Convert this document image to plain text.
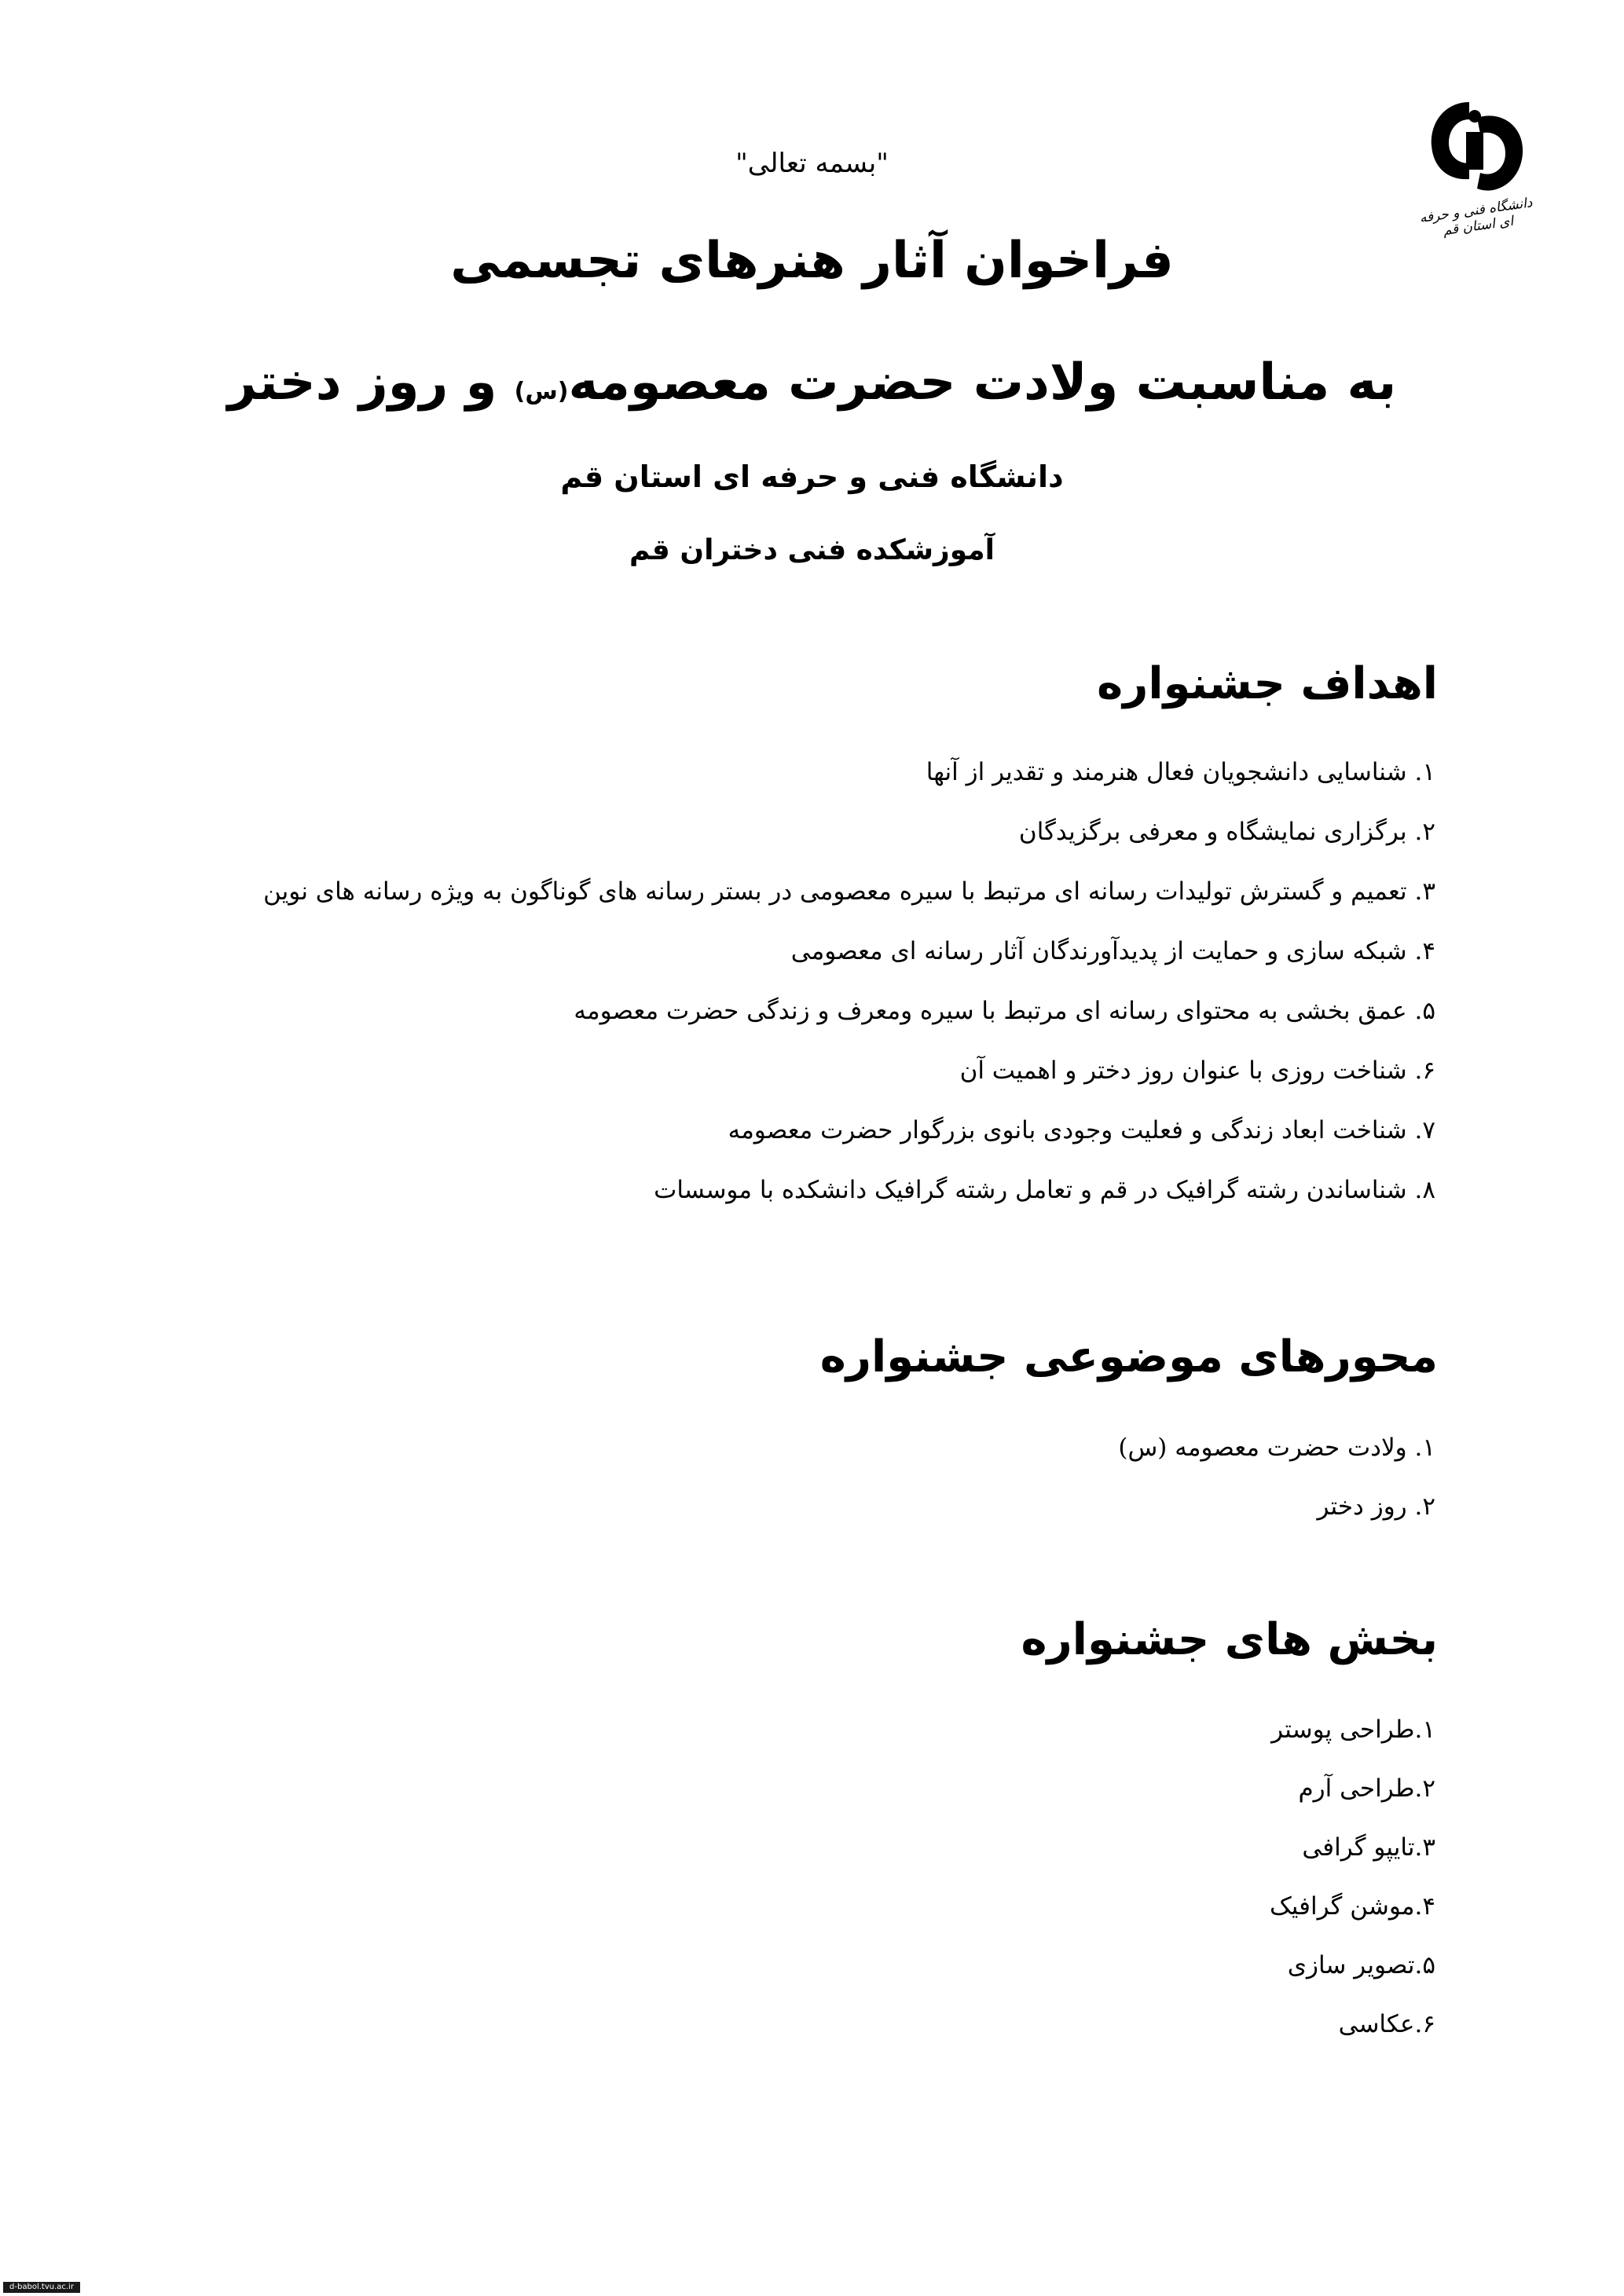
دانشگاه فنی و حرفه ای استان قم
"بسمه تعالی"
فراخوان آثار هنرهای تجسمی
به مناسبت ولادت حضرت معصومه(س) و روز دختر
دانشگاه فنی و حرفه ای استان قم
آموزشکده فنی دختران قم
اهداف جشنواره
۱. شناسایی دانشجویان فعال هنرمند و تقدیر از آنها
۲. برگزاری نمایشگاه و معرفی برگزیدگان
۳. تعمیم و گسترش تولیدات رسانه ای مرتبط با سیره معصومی در بستر رسانه های گوناگون به ویژه رسانه های نوین
۴. شبکه سازی و حمایت از پدیدآورندگان آثار رسانه ای معصومی
۵. عمق بخشی به محتوای رسانه ای مرتبط با سیره ومعرف و زندگی حضرت معصومه
۶. شناخت روزی با عنوان روز دختر و اهمیت آن
۷. شناخت ابعاد زندگی و فعلیت وجودی بانوی بزرگوار حضرت معصومه
۸. شناساندن رشته گرافیک در قم و تعامل رشته گرافیک دانشکده با موسسات
محورهای موضوعی جشنواره
۱. ولادت حضرت معصومه (س)
۲. روز دختر
بخش های جشنواره
۱.طراحی پوستر
۲.طراحی آرم
۳.تایپو گرافی
۴.موشن گرافیک
۵.تصویر سازی
۶.عکاسی
d-babol.tvu.ac.ir
